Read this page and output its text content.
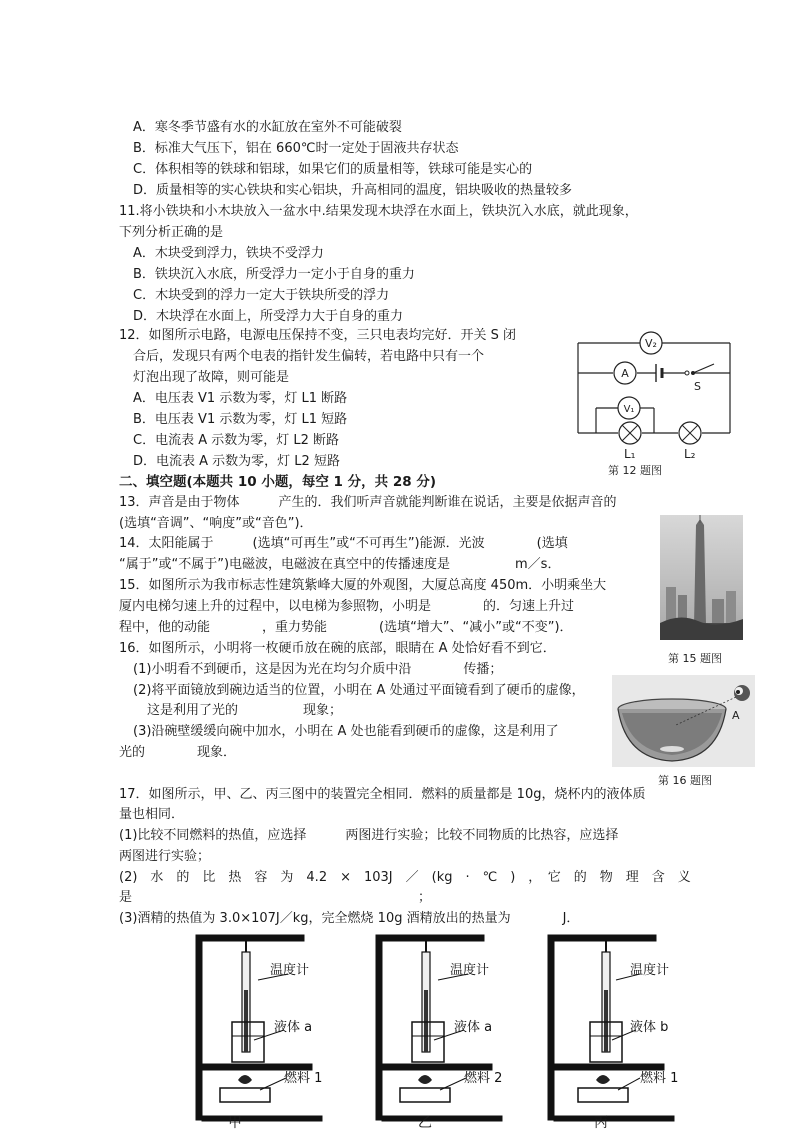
A．寒冬季节盛有水的水缸放在室外不可能破裂
B．标准大气压下，铝在 660℃时一定处于固液共存状态
C．体积相等的铁球和铝球，如果它们的质量相等，铁球可能是实心的
D．质量相等的实心铁块和实心铝块，升高相同的温度，铝块吸收的热量较多
11.将小铁块和小木块放入一盆水中.结果发现木块浮在水面上，铁块沉入水底，就此现象，
下列分析正确的是
A．木块受到浮力，铁块不受浮力
B．铁块沉入水底，所受浮力一定小于自身的重力
C．木块受到的浮力一定大于铁块所受的浮力
D．木块浮在水面上，所受浮力大于自身的重力
12．如图所示电路，电源电压保持不变，三只电表均完好．开关 S 闭
合后，发现只有两个电表的指针发生偏转，若电路中只有一个
灯泡出现了故障，则可能是
A．电压表 V1 示数为零，灯 L1 断路
B．电压表 V1 示数为零，灯 L1 短路
C．电流表 A 示数为零，灯 L2 断路
D．电流表 A 示数为零，灯 L2 短路
V₂
A
S
V₁
L₁	L₂
第 12 题图
二、填空题(本题共 10 小题，每空 1 分，共 28 分)
13．声音是由于物体　　　产生的．我们听声音就能判断谁在说话，主要是依据声音的
(选填“音调”、“响度”或“音色”)．
14．太阳能属于　　　(选填“可再生”或“不可再生”)能源．光波　　　　(选填
“属于”或“不属于”)电磁波，电磁波在真空中的传播速度是　　　　　m／s．
15．如图所示为我市标志性建筑紫峰大厦的外观图，大厦总高度 450m．小明乘坐大
厦内电梯匀速上升的过程中，以电梯为参照物，小明是　　　　的．匀速上升过
程中，他的动能　　　　，重力势能　　　　(选填“增大”、“减小”或“不变”)．
第 15 题图
16．如图所示，小明将一枚硬币放在碗的底部，眼睛在 A 处恰好看不到它．
(1)小明看不到硬币，这是因为光在均匀介质中沿　　　　传播；
(2)将平面镜放到碗边适当的位置，小明在 A 处通过平面镜看到了硬币的虚像，
这是利用了光的　　　　　现象；
(3)沿碗壁缓缓向碗中加水，小明在 A 处也能看到硬币的虚像，这是利用了
光的　　　　现象．
A
第 16 题图
17．如图所示，甲、乙、丙三图中的装置完全相同．燃料的质量都是 10g，烧杯内的液体质
量也相同．
(1)比较不同燃料的热值，应选择　　　两图进行实验；比较不同物质的比热容，应选择
两图进行实验；
(2)　水　的　比　热　容　为　4.2　×　103J　／　(kg　·　℃　)　，　它　的　物　理　含　义
是　　　　　　　　　　　　　　　　　　　　　　；
(3)酒精的热值为 3.0×107J／kg，完全燃烧 10g 酒精放出的热量为　　　　J．
温度计
液体 a
燃料 1
温度计
液体 a
燃料 2
温度计
液体 b
燃料 1
甲	乙	丙
